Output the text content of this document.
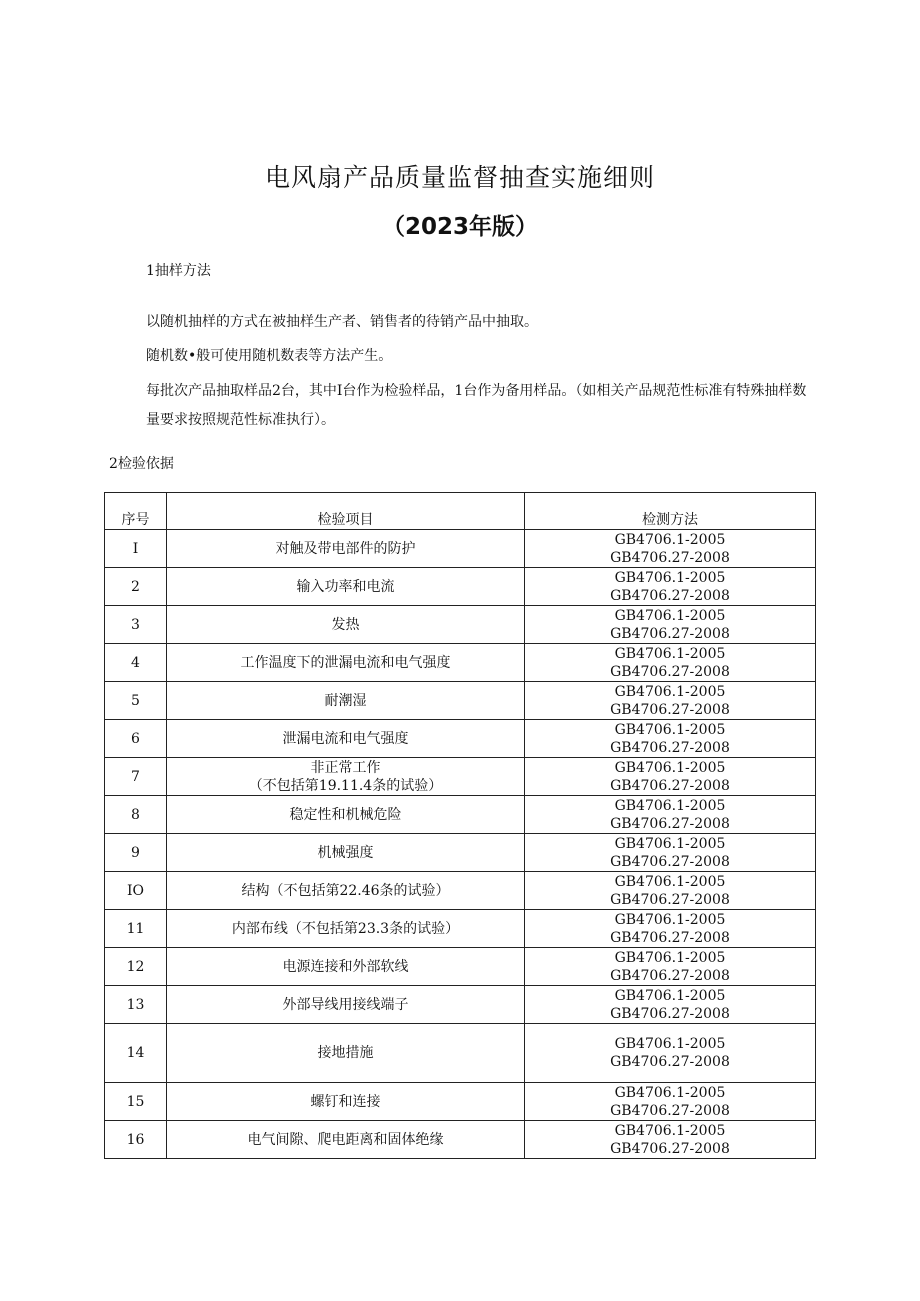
电风扇产品质量监督抽查实施细则
（2023年版）

1抽样方法

以随机抽样的方式在被抽样生产者、销售者的待销产品中抽取。

随机数•般可使用随机数表等方法产生。

每批次产品抽取样品2台，其中I台作为检验样品，1台作为备用样品。（如相关产品规范性标准有特殊抽样数量要求按照规范性标准执行）。

2检验依据

序号	检验项目	检测方法
I	对触及带电部件的防护	GB4706.1-2005
GB4706.27-2008

2	输入功率和电流	GB4706.1-2005
GB4706.27-2008

3	发热	GB4706.1-2005
GB4706.27-2008

4	工作温度下的泄漏电流和电气强度	GB4706.1-2005
GB4706.27-2008

5	耐潮湿	GB4706.1-2005
GB4706.27-2008

6	泄漏电流和电气强度	GB4706.1-2005
GB4706.27-2008

7	非正常工作
（不包括第19.11.4条的试验）	GB4706.1-2005
GB4706.27-2008

8	稳定性和机械危险	GB4706.1-2005
GB4706.27-2008

9	机械强度	GB4706.1-2005
GB4706.27-2008

IO	结构（不包括第22.46条的试验）	GB4706.1-2005
GB4706.27-2008

11	内部布线（不包括第23.3条的试验）	GB4706.1-2005
GB4706.27-2008

12	电源连接和外部软线	GB4706.1-2005
GB4706.27-2008

13	外部导线用接线端子	GB4706.1-2005
GB4706.27-2008

14	接地措施	GB4706.1-2005
GB4706.27-2008

15	螺钉和连接	GB4706.1-2005
GB4706.27-2008

16	电气间隙、爬电距离和固体绝缘	GB4706.1-2005
GB4706.27-2008
